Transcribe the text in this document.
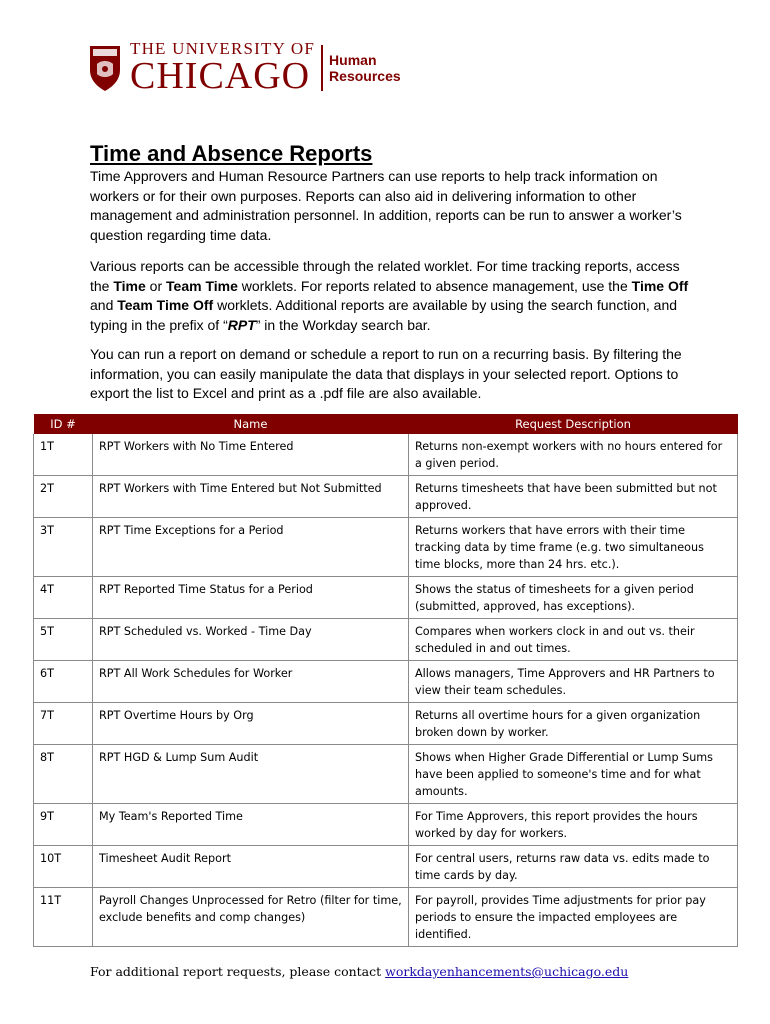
THE UNIVERSITY OF
CHICAGO	Human
Resources
Time and Absence Reports

Time Approvers and Human Resource Partners can use reports to help track information on workers or for their own purposes. Reports can also aid in delivering information to other management and administration personnel. In addition, reports can be run to answer a worker’s question regarding time data.

Various reports can be accessible through the related worklet. For time tracking reports, access the Time or Team Time worklets. For reports related to absence management, use the Time Off and Team Time Off worklets. Additional reports are available by using the search function, and typing in the prefix of “RPT” in the Workday search bar.

You can run a report on demand or schedule a report to run on a recurring basis. By filtering the information, you can easily manipulate the data that displays in your selected report. Options to export the list to Excel and print as a .pdf file are also available.

ID #	Name	Request Description
1T	RPT Workers with No Time Entered	Returns non-exempt workers with no hours entered for a given period.
2T	RPT Workers with Time Entered but Not Submitted	Returns timesheets that have been submitted but not approved.
3T	RPT Time Exceptions for a Period	Returns workers that have errors with their time tracking data by time frame (e.g. two simultaneous time blocks, more than 24 hrs. etc.).
4T	RPT Reported Time Status for a Period	Shows the status of timesheets for a given period (submitted, approved, has exceptions).
5T	RPT Scheduled vs. Worked - Time Day	Compares when workers clock in and out vs. their scheduled in and out times.
6T	RPT All Work Schedules for Worker	Allows managers, Time Approvers and HR Partners to view their team schedules.
7T	RPT Overtime Hours by Org	Returns all overtime hours for a given organization broken down by worker.
8T	RPT HGD & Lump Sum Audit	Shows when Higher Grade Differential or Lump Sums have been applied to someone's time and for what amounts.
9T	My Team's Reported Time	For Time Approvers, this report provides the hours worked by day for workers.
10T	Timesheet Audit Report	For central users, returns raw data vs. edits made to time cards by day.
11T	Payroll Changes Unprocessed for Retro (filter for time, exclude benefits and comp changes)	For payroll, provides Time adjustments for prior pay periods to ensure the impacted employees are identified.
For additional report requests, please contact workdayenhancements@uchicago.edu
